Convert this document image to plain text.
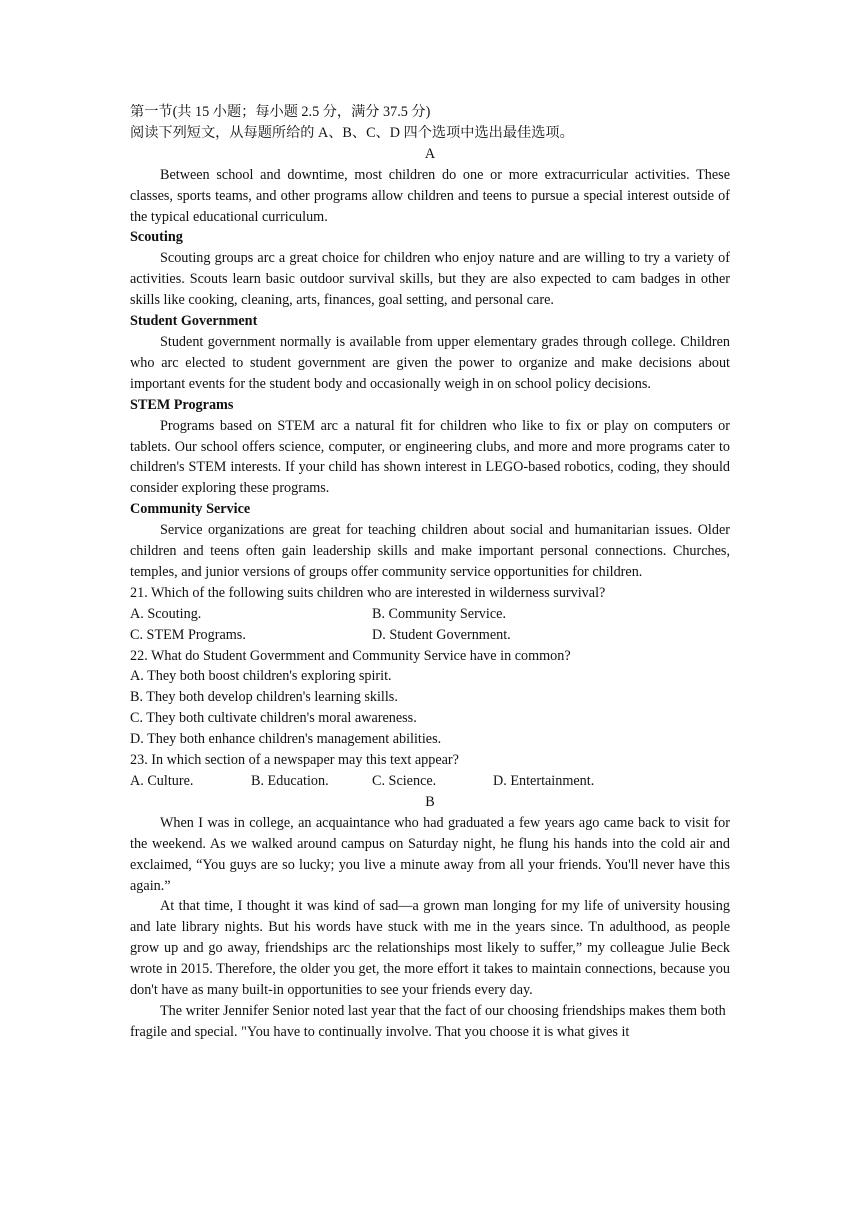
第一节(共 15 小题；每小题 2.5 分，满分 37.5 分)
阅读下列短文，从每题所给的 A、B、C、D 四个选项中选出最佳选项。
A
Between school and downtime, most children do one or more extracurricular activities. These classes, sports teams, and other programs allow children and teens to pursue a special interest outside of the typical educational curriculum.
Scouting
Scouting groups arc a great choice for children who enjoy nature and are willing to try a variety of activities. Scouts learn basic outdoor survival skills, but they are also expected to cam badges in other skills like cooking, cleaning, arts, finances, goal setting, and personal care.
Student Government
Student government normally is available from upper elementary grades through college. Children who arc elected to student government are given the power to organize and make decisions about important events for the student body and occasionally weigh in on school policy decisions.
STEM Programs
Programs based on STEM arc a natural fit for children who like to fix or play on computers or tablets. Our school offers science, computer, or engineering clubs, and more and more programs cater to children's STEM interests. If your child has shown interest in LEGO-based robotics, coding, they should consider exploring these programs.
Community Service
Service organizations are great for teaching children about social and humanitarian issues. Older children and teens often gain leadership skills and make important personal connections. Churches, temples, and junior versions of groups offer community service opportunities for children.
21. Which of the following suits children who are interested in wilderness survival?
A. Scouting.	B. Community Service.
C. STEM Programs.	D. Student Government.
22. What do Student Govermment and Community Service have in common?
A. They both boost children's exploring spirit.
B. They both develop children's learning skills.
C. They both cultivate children's moral awareness.
D. They both enhance children's management abilities.
23. In which section of a newspaper may this text appear?
A. Culture.	B. Education.	C. Science.	D. Entertainment.
B
When I was in college, an acquaintance who had graduated a few years ago came back to visit for the weekend. As we walked around campus on Saturday night, he flung his hands into the cold air and exclaimed, “You guys are so lucky; you live a minute away from all your friends. You'll never have this again.”
At that time, I thought it was kind of sad—a grown man longing for my life of university housing and late library nights. But his words have stuck with me in the years since. Tn adulthood, as people grow up and go away, friendships arc the relationships most likely to suffer,” my colleague Julie Beck wrote in 2015. Therefore, the older you get, the more effort it takes to maintain connections, because you don't have as many built-in opportunities to see your friends every day.
The writer Jennifer Senior noted last year that the fact of our choosing friendships makes them both fragile and special. "You have to continually involve. That you choose it is what gives it
